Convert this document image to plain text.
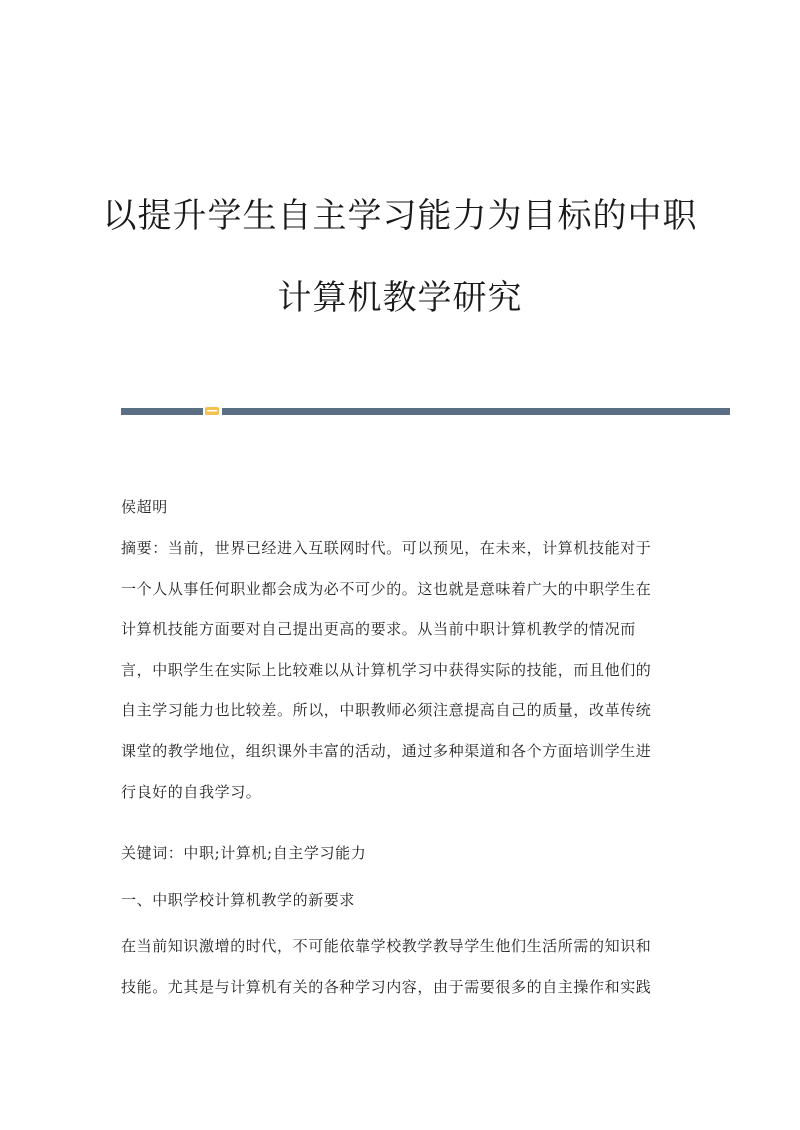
以提升学生自主学习能力为目标的中职
计算机教学研究
侯超明
摘要：当前，世界已经进入互联网时代。可以预见，在未来，计算机技能对于
一个人从事任何职业都会成为必不可少的。这也就是意味着广大的中职学生在
计算机技能方面要对自己提出更高的要求。从当前中职计算机教学的情况而
言，中职学生在实际上比较难以从计算机学习中获得实际的技能，而且他们的
自主学习能力也比较差。所以，中职教师必须注意提高自己的质量，改革传统
课堂的教学地位，组织课外丰富的活动，通过多种渠道和各个方面培训学生进
行良好的自我学习。
关键词：中职;计算机;自主学习能力
一、中职学校计算机教学的新要求
在当前知识激增的时代，不可能依靠学校教学教导学生他们生活所需的知识和
技能。尤其是与计算机有关的各种学习内容，由于需要很多的自主操作和实践
